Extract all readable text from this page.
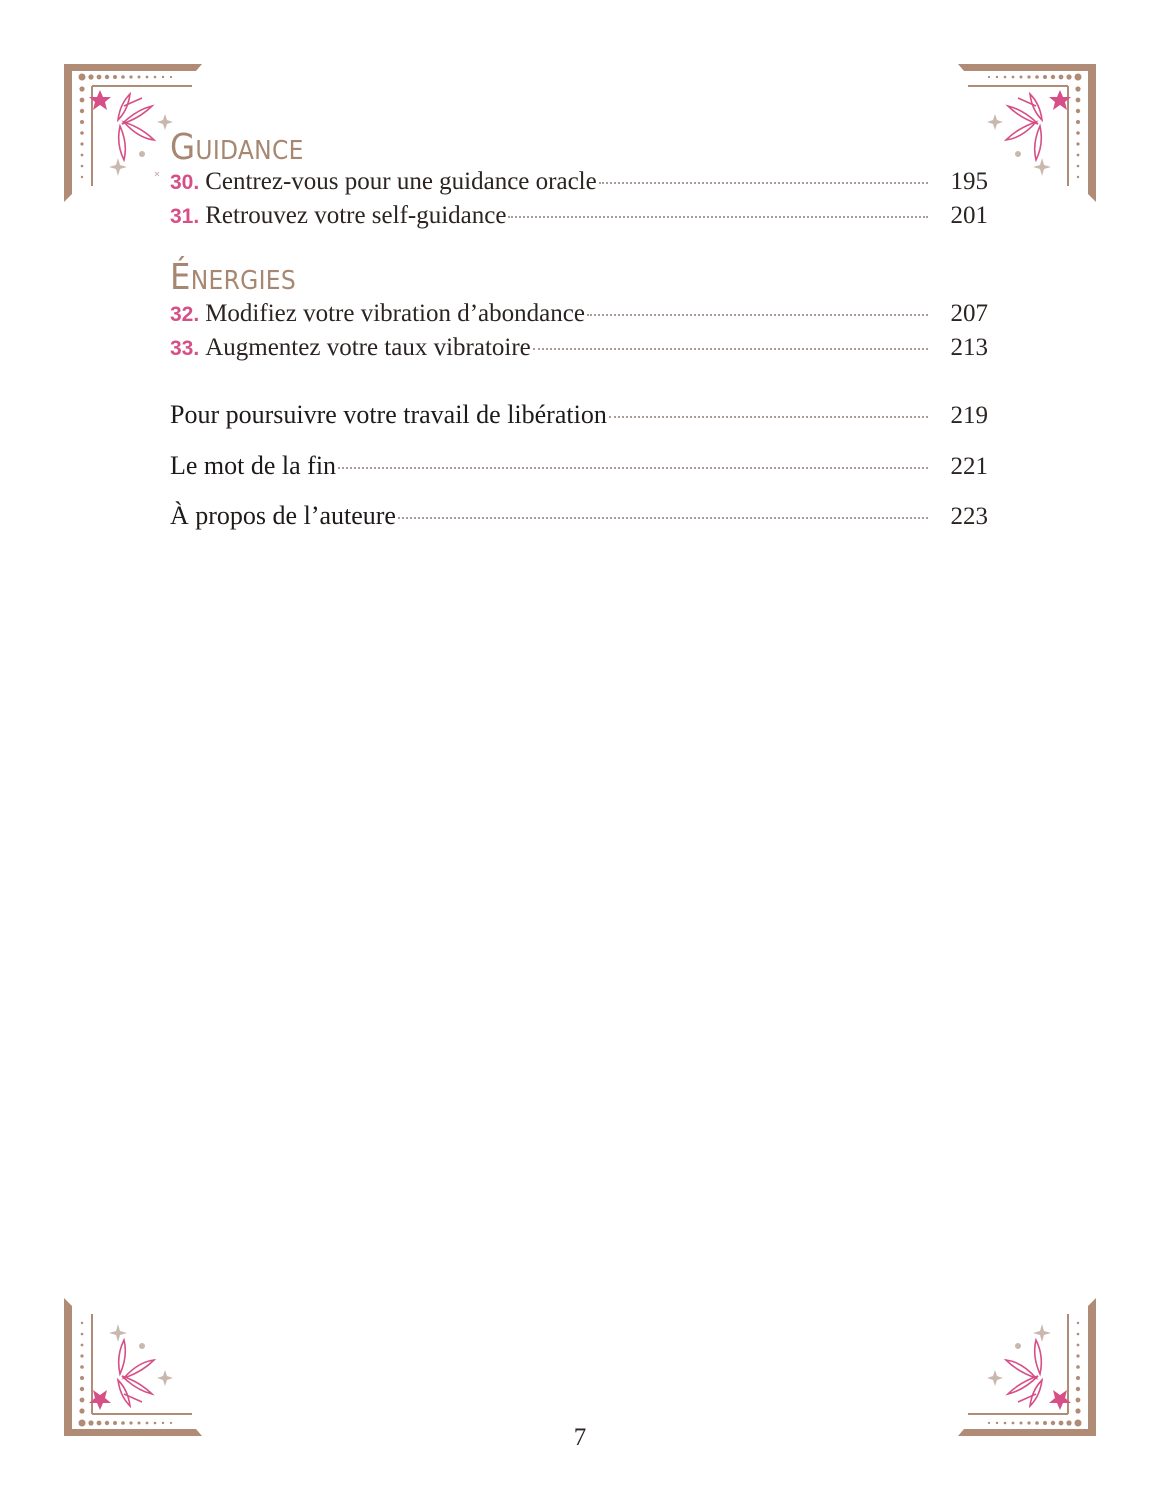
GUIDANCE
30. Centrez-vous pour une guidance oracle	195
31. Retrouvez votre self-guidance	201
ÉNERGIES
32. Modifiez votre vibration d’abondance	207
33. Augmentez votre taux vibratoire	213
Pour poursuivre votre travail de libération	219
Le mot de la fin	221
À propos de l’auteure	223
7
